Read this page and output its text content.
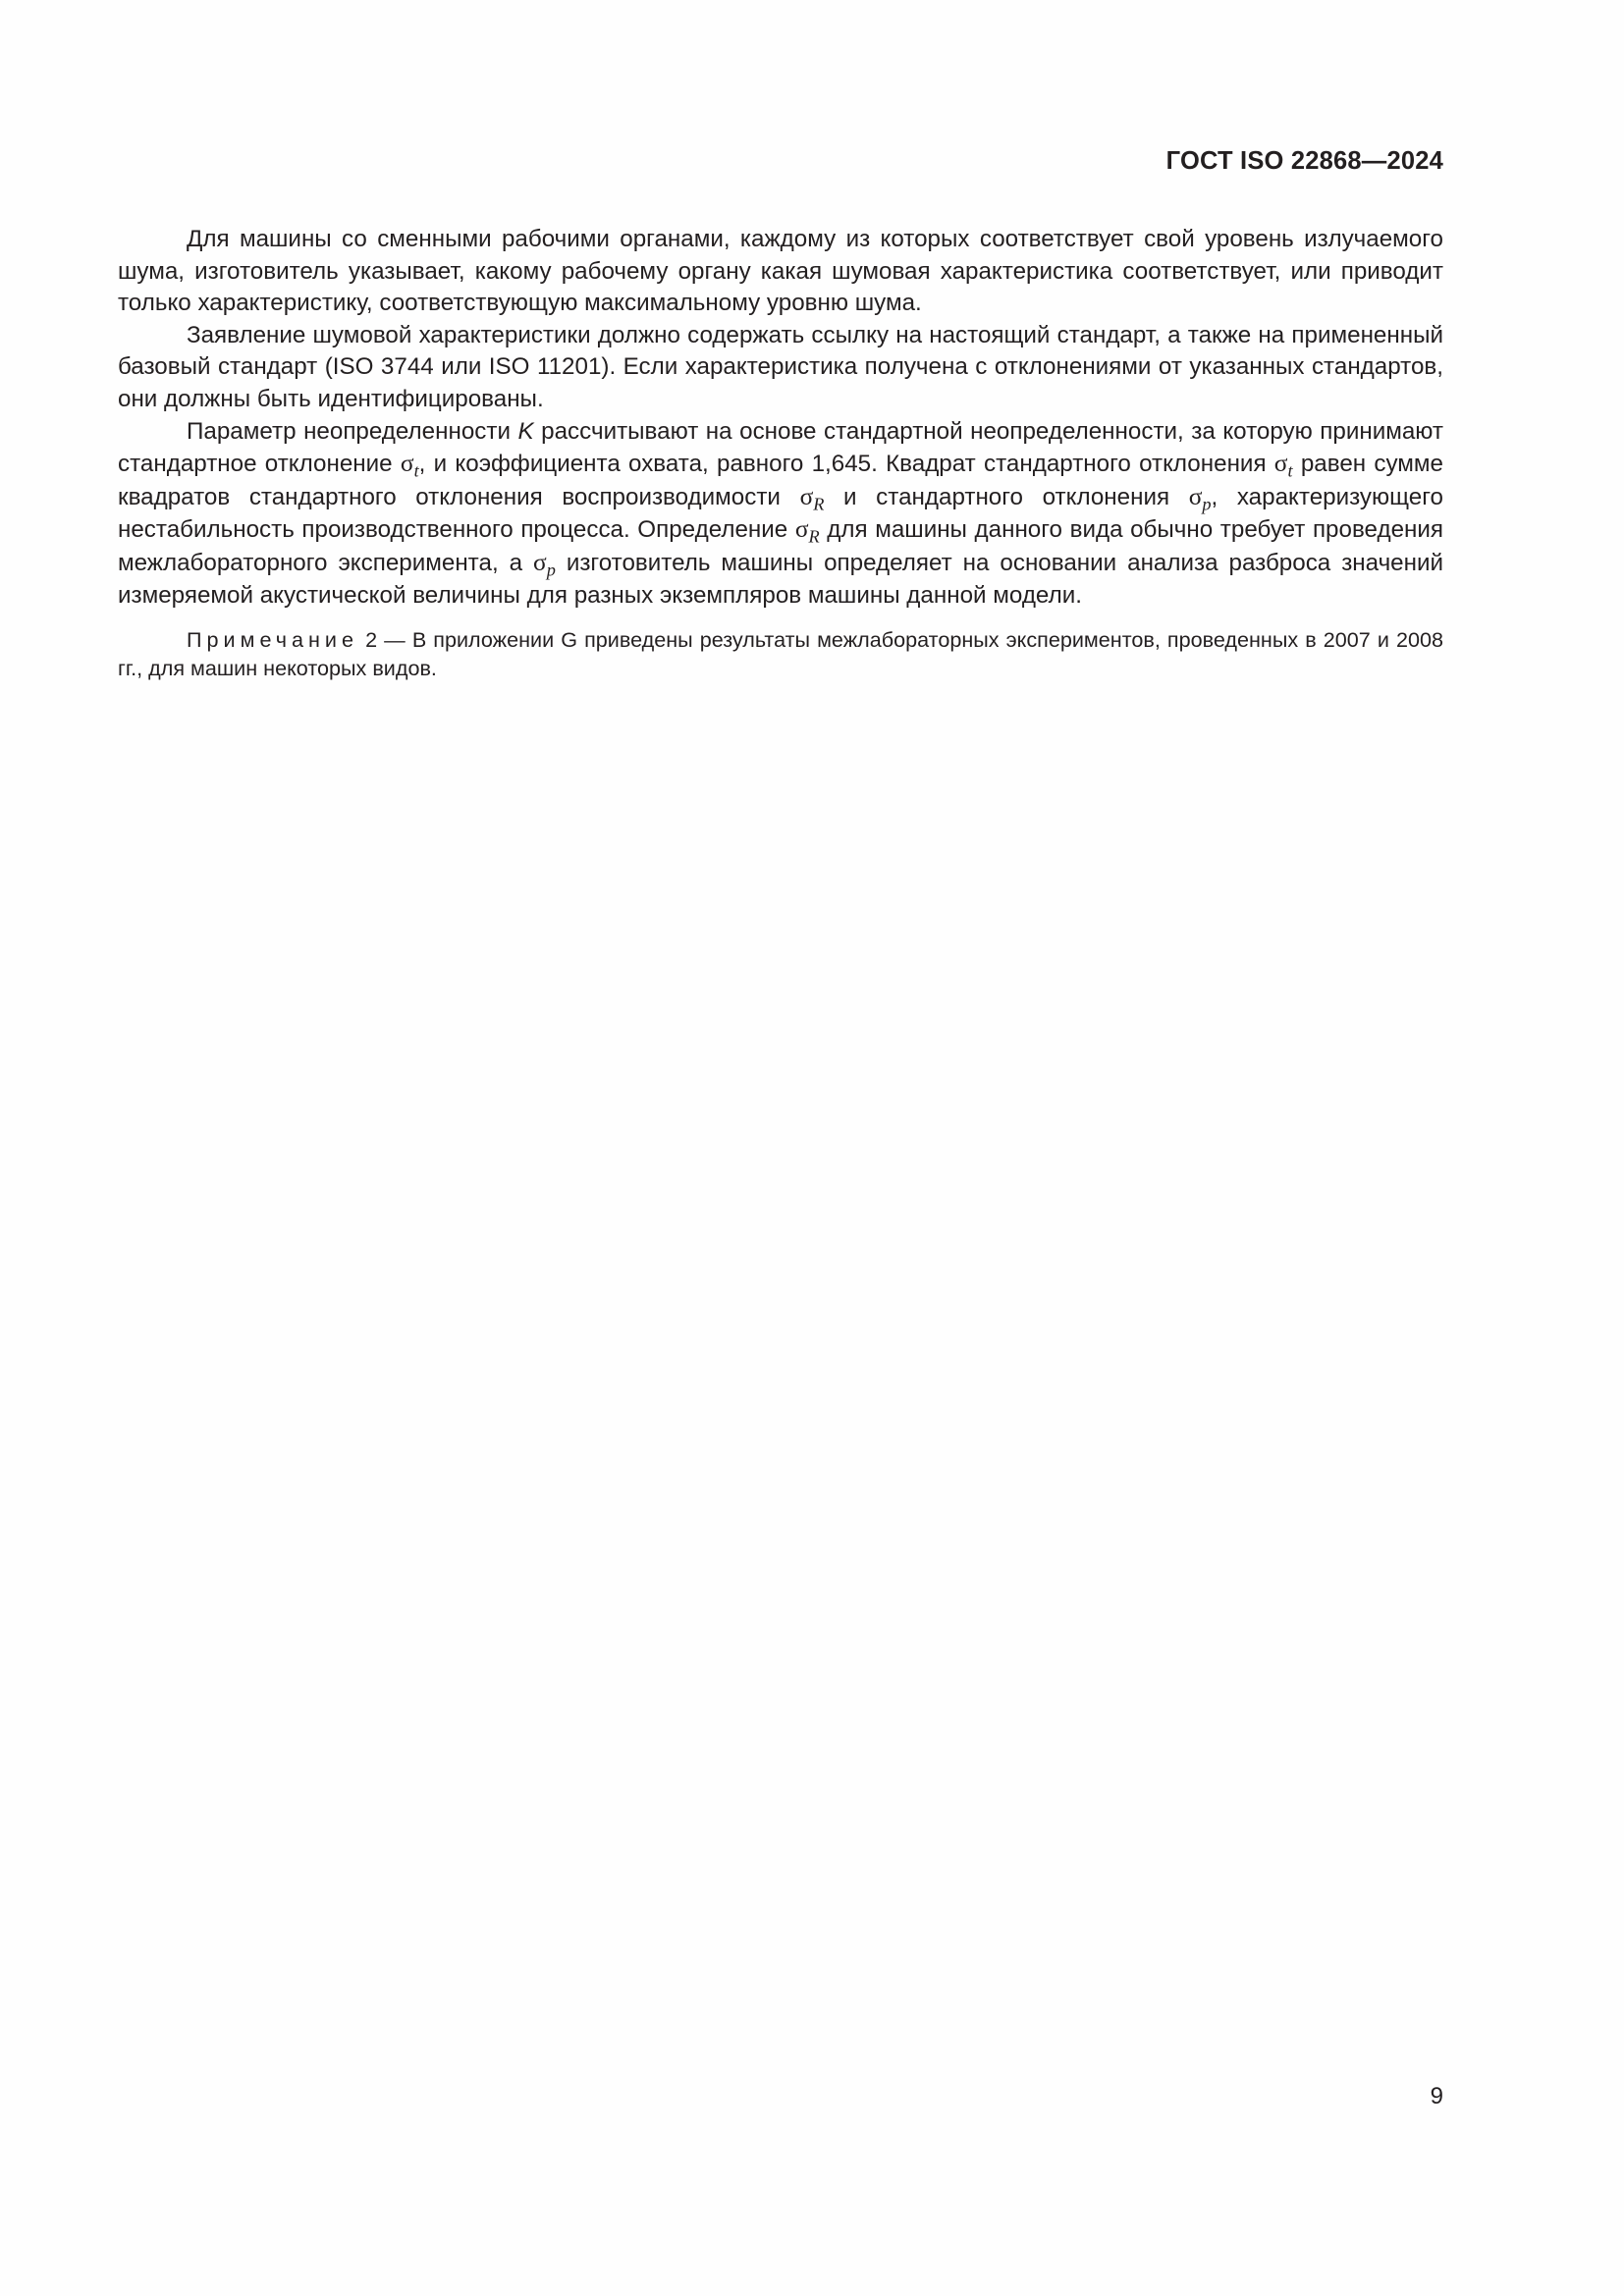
ГОСТ ISO 22868—2024

Для машины со сменными рабочими органами, каждому из которых соответствует свой уровень излучаемого шума, изготовитель указывает, какому рабочему органу какая шумовая характеристика соответствует, или приводит только характеристику, соответствующую максимальному уровню шума.

Заявление шумовой характеристики должно содержать ссылку на настоящий стандарт, а также на примененный базовый стандарт (ISO 3744 или ISO 11201). Если характеристика получена с отклонениями от указанных стандартов, они должны быть идентифицированы.

Параметр неопределенности K рассчитывают на основе стандартной неопределенности, за которую принимают стандартное отклонение $\sigma_t$, и коэффициента охвата, равного 1,645. Квадрат стандартного отклонения $\sigma_t$ равен сумме квадратов стандартного отклонения воспроизводимости $\sigma_R$ и стандартного отклонения $\sigma_p$, характеризующего нестабильность производственного процесса. Определение $\sigma_R$ для машины данного вида обычно требует проведения межлабораторного эксперимента, а $\sigma_p$ изготовитель машины определяет на основании анализа разброса значений измеряемой акустической величины для разных экземпляров машины данной модели.

Примечание 2 — В приложении G приведены результаты межлабораторных экспериментов, проведенных в 2007 и 2008 гг., для машин некоторых видов.

9
